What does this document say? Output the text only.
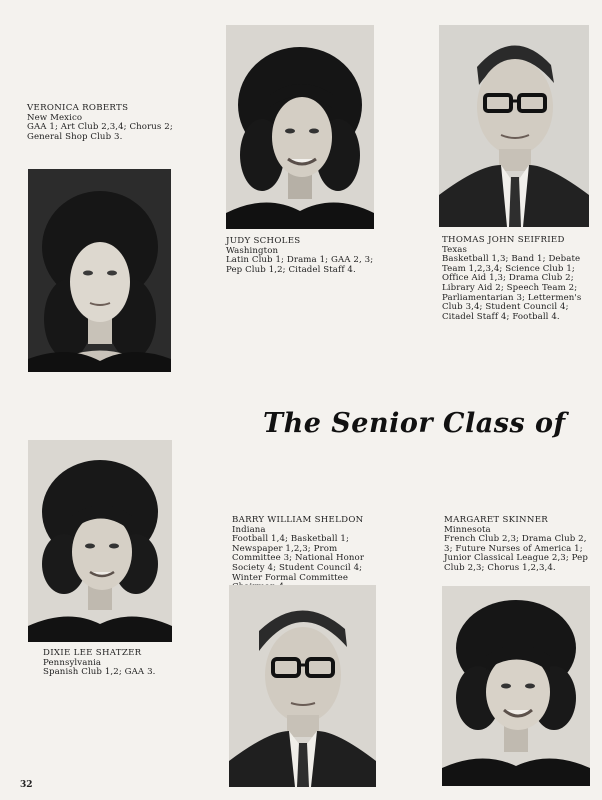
VERONICA ROBERTS
New Mexico
GAA 1; Art Club 2,3,4; Chorus 2; General Shop Club 3.
JUDY SCHOLES
Washington
Latin Club 1; Drama 1; GAA 2, 3; Pep Club 1,2; Citadel Staff 4.
THOMAS JOHN SEIFRIED
Texas
Basketball 1,3; Band 1; Debate Team 1,2,3,4; Science Club 1; Office Aid 1,3; Drama Club 2; Library Aid 2; Speech Team 2; Parliamentarian 3; Lettermen's Club 3,4; Student Council 4; Citadel Staff 4; Football 4.
The Senior Class of
DIXIE LEE SHATZER
Pennsylvania
Spanish Club 1,2; GAA 3.
BARRY WILLIAM SHELDON
Indiana
Football 1,4; Basketball 1; Newspaper 1,2,3; Prom Committee 3; National Honor Society 4; Student Council 4; Winter Formal Committee
MARGARET SKINNER
Minnesota
French Club 2,3; Drama Club 2, 3; Future Nurses of America 1; Junior Classical League 2,3; Pep Club 2,3; Chorus 1,2,3,4.
32
